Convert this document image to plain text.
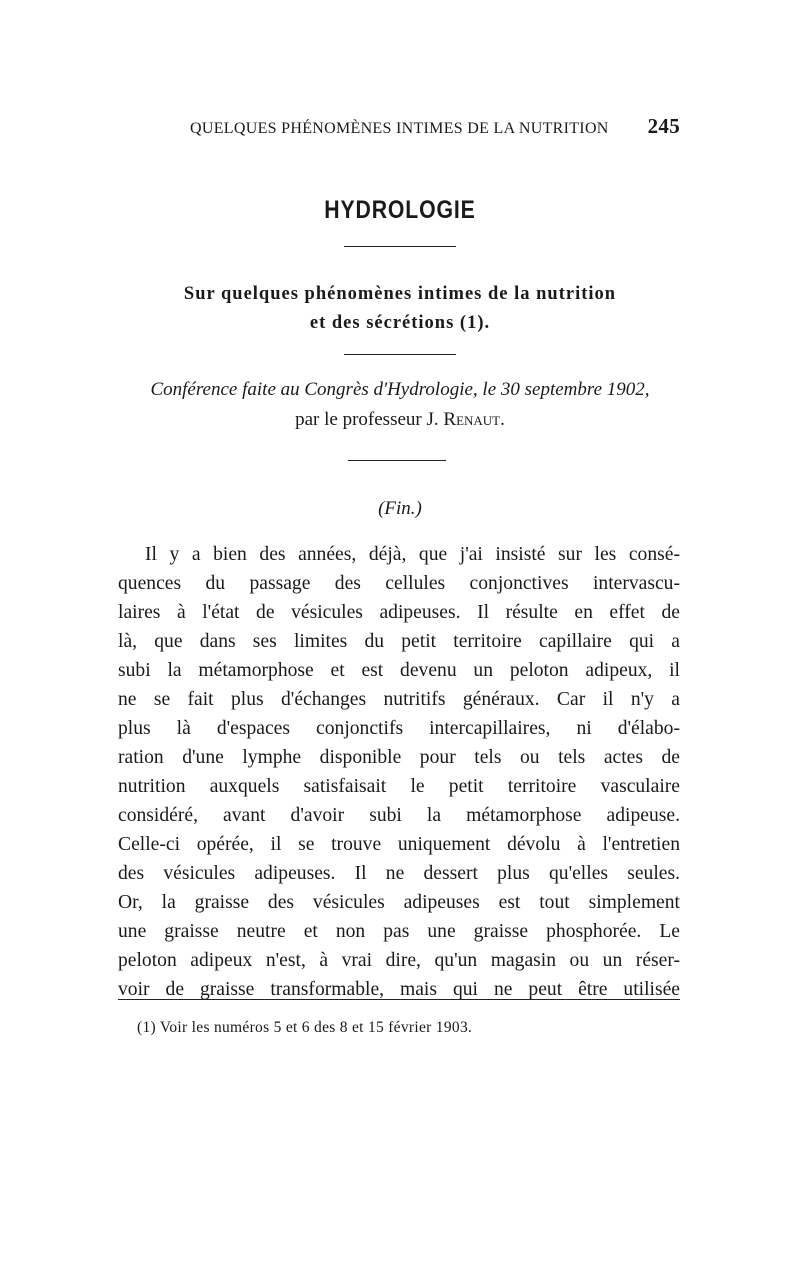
QUELQUES PHÉNOMÈNES INTIMES DE LA NUTRITION 245
HYDROLOGIE
Sur quelques phénomènes intimes de la nutrition
et des sécrétions (1).
Conférence faite au Congrès d'Hydrologie, le 30 septembre 1902,
par le professeur J. Renaut.
(Fin.)
Il y a bien des années, déjà, que j'ai insisté sur les consé-
quences du passage des cellules conjonctives intervascu-
laires à l'état de vésicules adipeuses. Il résulte en effet de
là, que dans ses limites du petit territoire capillaire qui a
subi la métamorphose et est devenu un peloton adipeux, il
ne se fait plus d'échanges nutritifs généraux. Car il n'y a
plus là d'espaces conjonctifs intercapillaires, ni d'élabo-
ration d'une lymphe disponible pour tels ou tels actes de
nutrition auxquels satisfaisait le petit territoire vasculaire
considéré, avant d'avoir subi la métamorphose adipeuse.
Celle-ci opérée, il se trouve uniquement dévolu à l'entretien
des vésicules adipeuses. Il ne dessert plus qu'elles seules.
Or, la graisse des vésicules adipeuses est tout simplement
une graisse neutre et non pas une graisse phosphorée. Le
peloton adipeux n'est, à vrai dire, qu'un magasin ou un réser-
voir de graisse transformable, mais qui ne peut être utilisée
(1) Voir les numéros 5 et 6 des 8 et 15 février 1903.
